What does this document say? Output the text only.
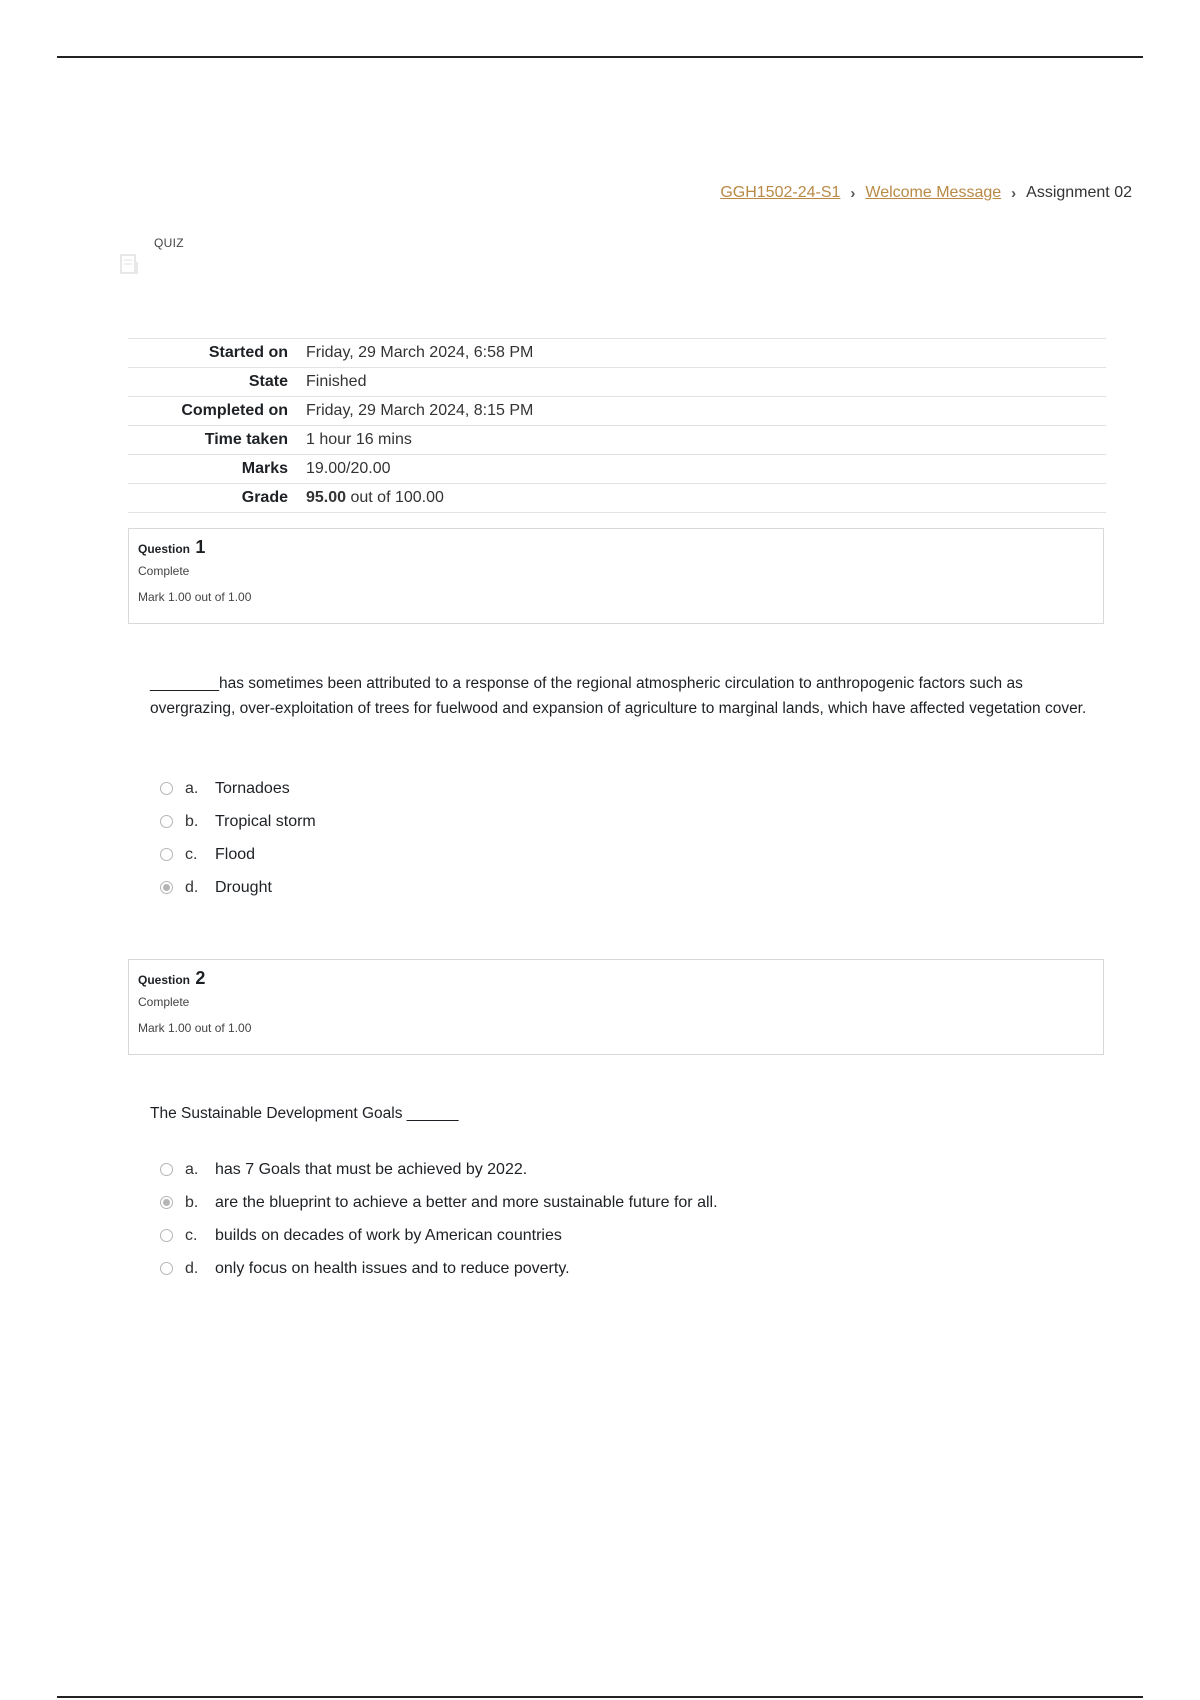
GGH1502-24-S1 › Welcome Message › Assignment 02
QUIZ
Started on	Friday, 29 March 2024, 6:58 PM
State	Finished
Completed on	Friday, 29 March 2024, 8:15 PM
Time taken	1 hour 16 mins
Marks	19.00/20.00
Grade	95.00 out of 100.00
Question 1
Complete
Mark 1.00 out of 1.00
________has sometimes been attributed to a response of the regional atmospheric circulation to anthropogenic factors such as overgrazing, over-exploitation of trees for fuelwood and expansion of agriculture to marginal lands, which have affected vegetation cover.
a.	Tornadoes
b.	Tropical storm
c.	Flood
d.	Drought
Question 2
Complete
Mark 1.00 out of 1.00
The Sustainable Development Goals ______
a.	has 7 Goals that must be achieved by 2022.
b.	are the blueprint to achieve a better and more sustainable future for all.
c.	builds on decades of work by American countries
d.	only focus on health issues and to reduce poverty.
